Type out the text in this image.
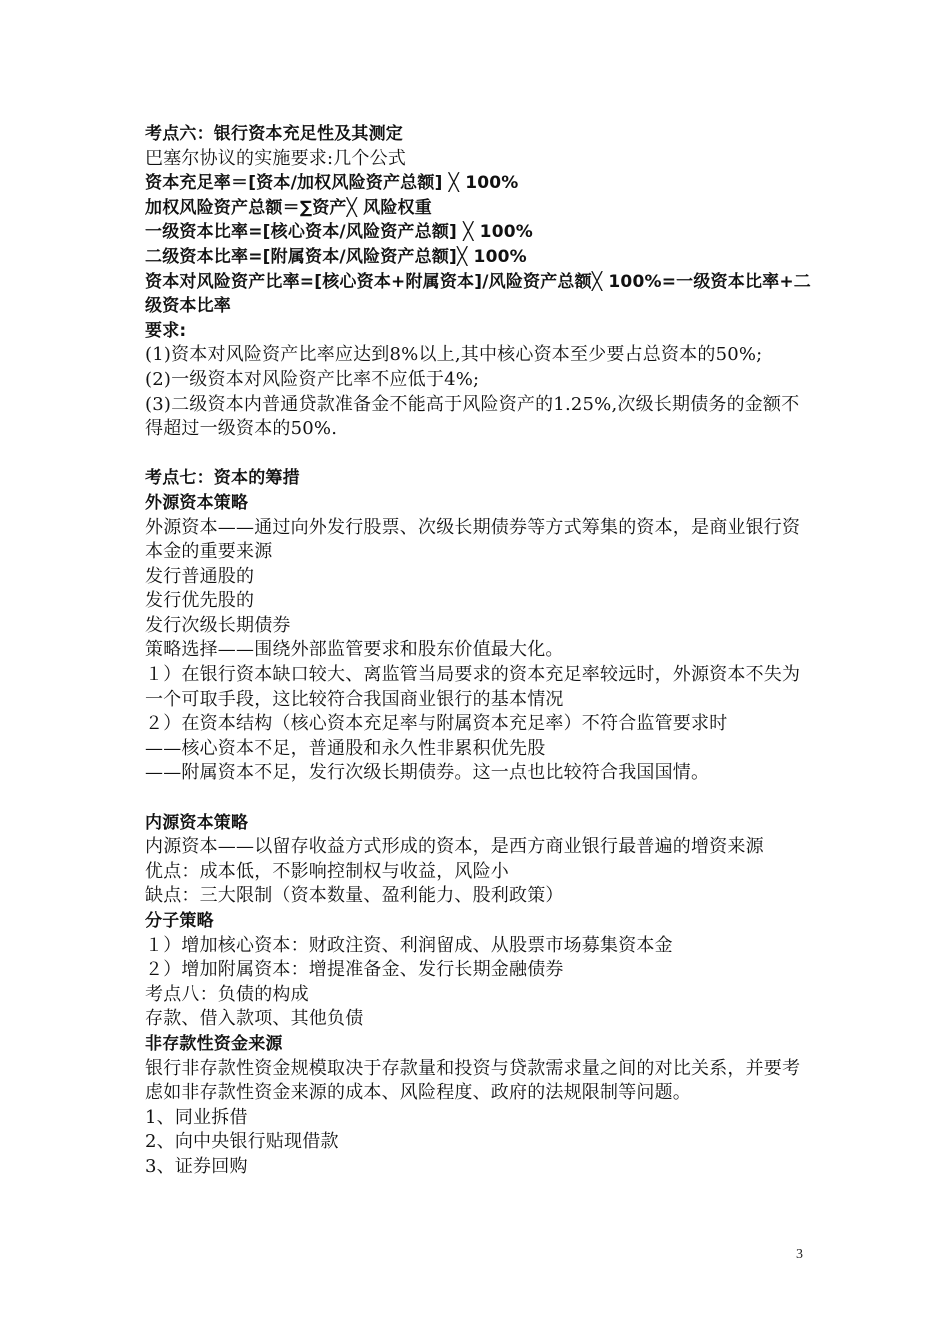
考点六：银行资本充足性及其测定
巴塞尔协议的实施要求:几个公式
资本充足率＝[资本/加权风险资产总额] ╳ 100%
加权风险资产总额＝∑资产╳ 风险权重
一级资本比率=[核心资本/风险资产总额] ╳ 100%
二级资本比率=[附属资本/风险资产总额]╳ 100%
资本对风险资产比率=[核心资本+附属资本]/风险资产总额╳ 100%=一级资本比率+二级资本比率
要求:
(1)资本对风险资产比率应达到8%以上,其中核心资本至少要占总资本的50%;
(2)一级资本对风险资产比率不应低于4%;
(3)二级资本内普通贷款准备金不能高于风险资产的1.25%,次级长期债务的金额不得超过一级资本的50%.
考点七：资本的筹措
外源资本策略
外源资本——通过向外发行股票、次级长期债券等方式筹集的资本，是商业银行资本金的重要来源
发行普通股的
发行优先股的
发行次级长期债券
策略选择——围绕外部监管要求和股东价值最大化。
１）在银行资本缺口较大、离监管当局要求的资本充足率较远时，外源资本不失为一个可取手段，这比较符合我国商业银行的基本情况
２）在资本结构（核心资本充足率与附属资本充足率）不符合监管要求时
——核心资本不足，普通股和永久性非累积优先股
——附属资本不足，发行次级长期债券。这一点也比较符合我国国情。
内源资本策略
内源资本——以留存收益方式形成的资本，是西方商业银行最普遍的增资来源
优点：成本低，不影响控制权与收益，风险小
缺点：三大限制（资本数量、盈利能力、股利政策）
分子策略
１）增加核心资本：财政注资、利润留成、从股票市场募集资本金
２）增加附属资本：增提准备金、发行长期金融债券
考点八：负债的构成
存款、借入款项、其他负债
非存款性资金来源
银行非存款性资金规模取决于存款量和投资与贷款需求量之间的对比关系，并要考虑如非存款性资金来源的成本、风险程度、政府的法规限制等问题。
1、同业拆借
2、向中央银行贴现借款
3、证券回购
3
